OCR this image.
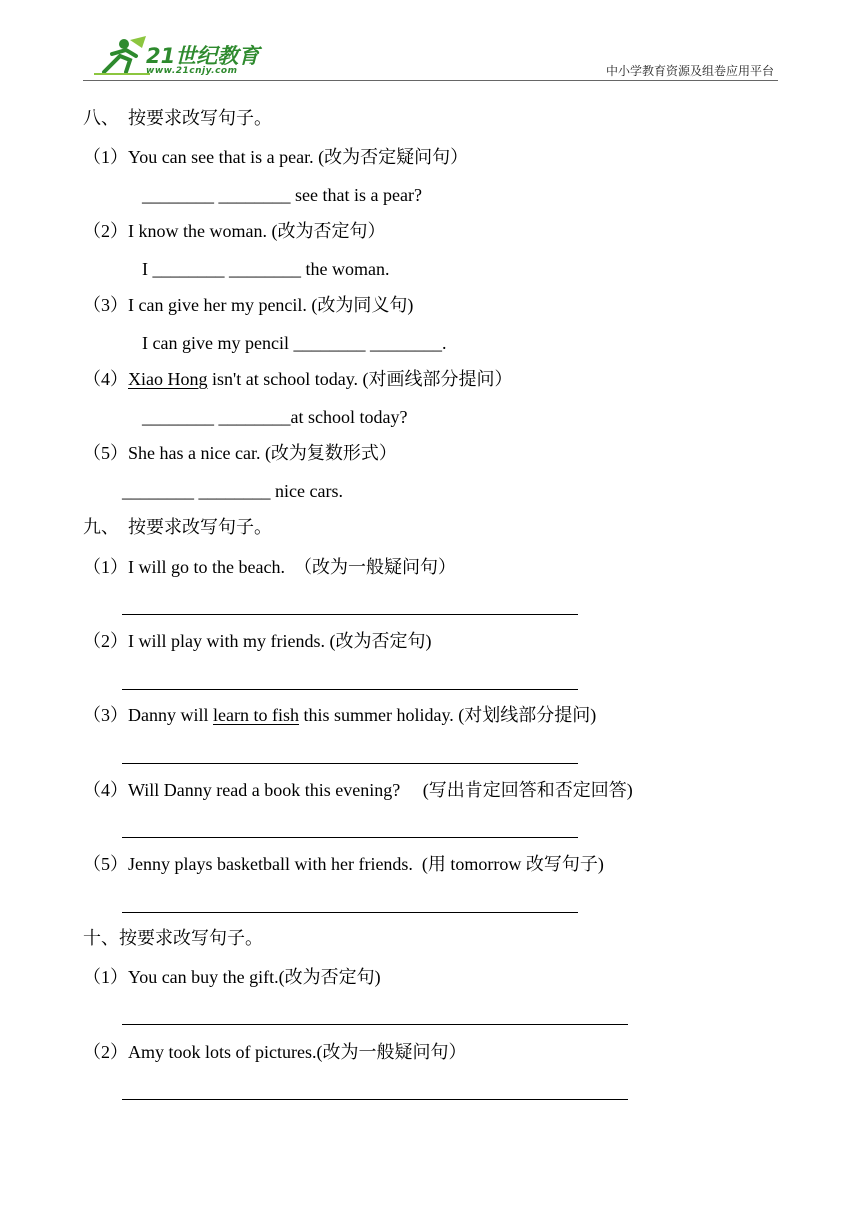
21世纪教育
www.21cnjy.com	中小学教育资源及组卷应用平台
八、  按要求改写句子。
（1）You can see that is a pear. (改为否定疑问句）
________ ________ see that is a pear?
（2）I know the woman. (改为否定句）
I ________ ________ the woman.
（3）I can give her my pencil. (改为同义句)
I can give my pencil ________ ________.
（4）Xiao Hong isn't at school today. (对画线部分提问）
________ ________at school today?
（5）She has a nice car. (改为复数形式）
________ ________ nice cars.
九、  按要求改写句子。
（1）I will go to the beach.  （改为一般疑问句）
（2）I will play with my friends. (改为否定句)
（3）Danny will learn to fish this summer holiday. (对划线部分提问)
（4）Will Danny read a book this evening?     (写出肯定回答和否定回答)
（5）Jenny plays basketball with her friends.  (用 tomorrow 改写句子)
十、按要求改写句子。
（1）You can buy the gift.(改为否定句)
（2）Amy took lots of pictures.(改为一般疑问句）
